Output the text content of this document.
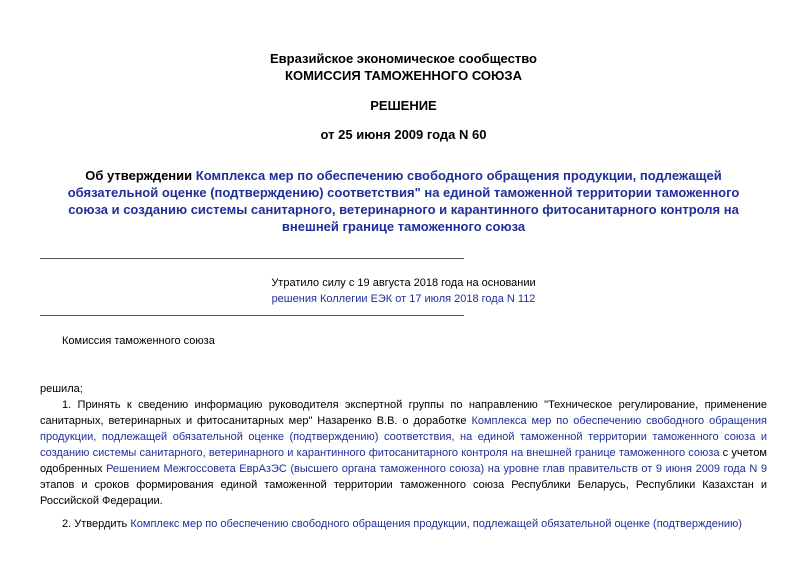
Евразийское экономическое сообщество
КОМИССИЯ ТАМОЖЕННОГО СОЮЗА
РЕШЕНИЕ
от 25 июня 2009 года N 60
Об утверждении Комплекса мер по обеспечению свободного обращения продукции, подлежащей обязательной оценке (подтверждению) соответствия" на единой таможенной территории таможенного союза и созданию системы санитарного, ветеринарного и карантинного фитосанитарного контроля на внешней границе таможенного союза
Утратило силу с 19 августа 2018 года на основании
решения Коллегии ЕЭК от 17 июля 2018 года N 112
Комиссия таможенного союза
решила;
1. Принять к сведению информацию руководителя экспертной группы по направлению "Техническое регулирование, применение санитарных, ветеринарных и фитосанитарных мер" Назаренко В.В. о доработке Комплекса мер по обеспечению свободного обращения продукции, подлежащей обязательной оценке (подтверждению) соответствия, на единой таможенной территории таможенного союза и созданию системы санитарного, ветеринарного и карантинного фитосанитарного контроля на внешней границе таможенного союза с учетом одобренных Решением Межгоссовета ЕврАзЭС (высшего органа таможенного союза) на уровне глав правительств от 9 июня 2009 года N 9 этапов и сроков формирования единой таможенной территории таможенного союза Республики Беларусь, Республики Казахстан и Российской Федерации.
2. Утвердить Комплекс мер по обеспечению свободного обращения продукции, подлежащей обязательной оценке (подтверждению)
